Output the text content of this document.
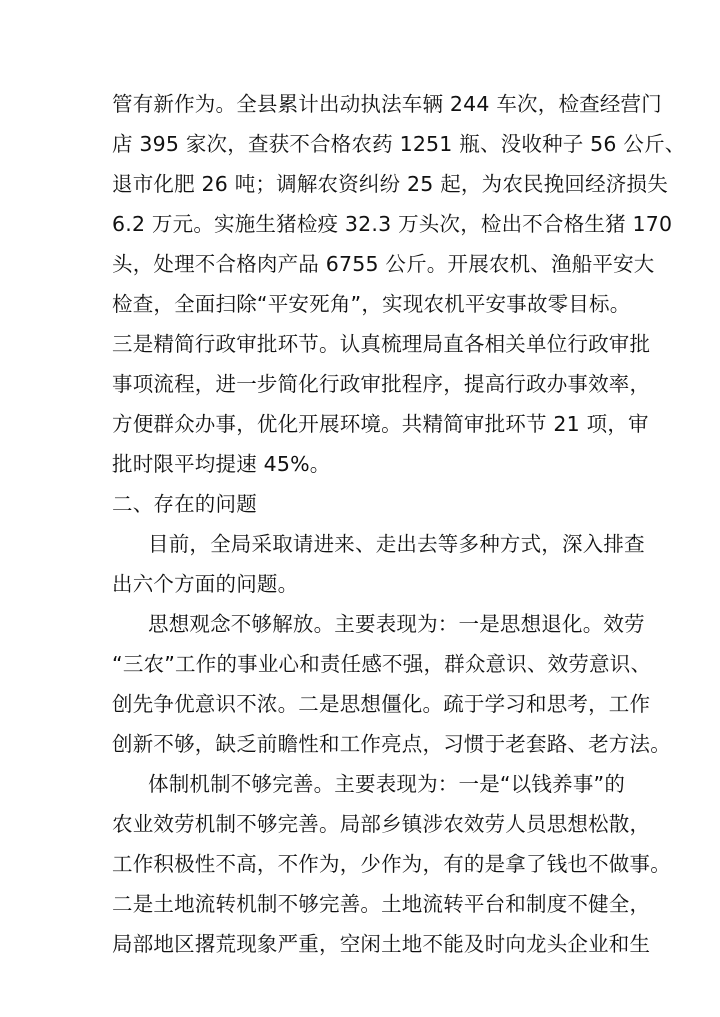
管有新作为。全县累计出动执法车辆 244 车次，检查经营门
店 395 家次，查获不合格农药 1251 瓶、没收种子 56 公斤、
退市化肥 26 吨；调解农资纠纷 25 起，为农民挽回经济损失
6.2 万元。实施生猪检疫 32.3 万头次，检出不合格生猪 170
头，处理不合格肉产品 6755 公斤。开展农机、渔船平安大
检查，全面扫除“平安死角”，实现农机平安事故零目标。
三是精简行政审批环节。认真梳理局直各相关单位行政审批
事项流程，进一步简化行政审批程序，提高行政办事效率，
方便群众办事，优化开展环境。共精简审批环节 21 项，审
批时限平均提速 45%。
二、存在的问题
目前，全局采取请进来、走出去等多种方式，深入排查
出六个方面的问题。
思想观念不够解放。主要表现为：一是思想退化。效劳
“三农”工作的事业心和责任感不强，群众意识、效劳意识、
创先争优意识不浓。二是思想僵化。疏于学习和思考，工作
创新不够，缺乏前瞻性和工作亮点，习惯于老套路、老方法。
体制机制不够完善。主要表现为：一是“以钱养事”的
农业效劳机制不够完善。局部乡镇涉农效劳人员思想松散，
工作积极性不高，不作为，少作为，有的是拿了钱也不做事。
二是土地流转机制不够完善。土地流转平台和制度不健全，
局部地区撂荒现象严重，空闲土地不能及时向龙头企业和生
